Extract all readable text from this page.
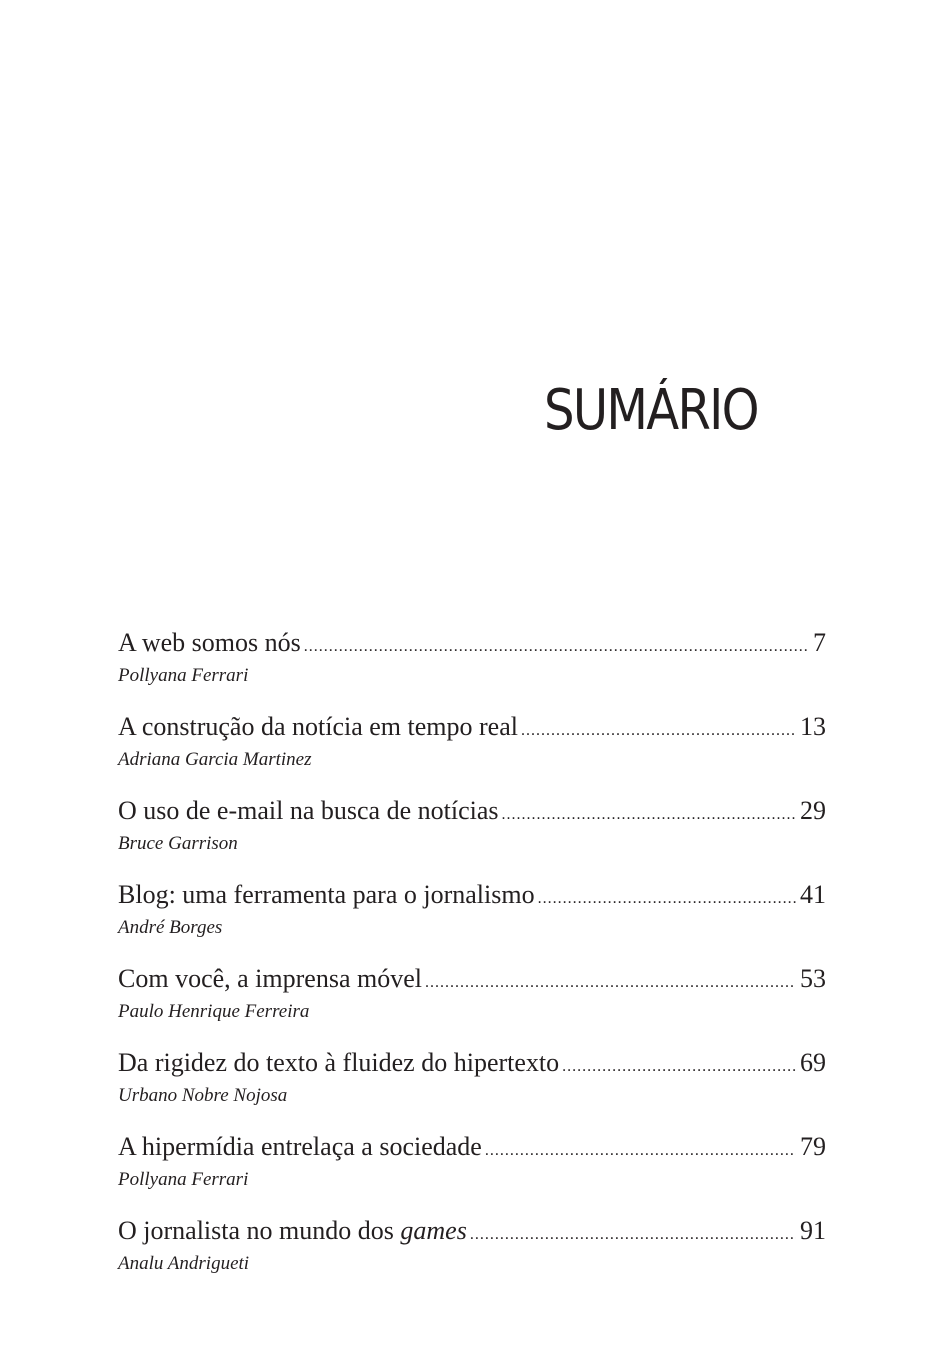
SUMÁRIO
A web somos nós .....	7
Pollyana Ferrari
A construção da notícia em tempo real .....	13
Adriana Garcia Martinez
O uso de e-mail na busca de notícias .....	29
Bruce Garrison
Blog: uma ferramenta para o jornalismo .....	41
André Borges
Com você, a imprensa móvel .....	53
Paulo Henrique Ferreira
Da rigidez do texto à fluidez do hipertexto .....	69
Urbano Nobre Nojosa
A hipermídia entrelaça a sociedade .....	79
Pollyana Ferrari
O jornalista no mundo dos games .....	91
Analu Andrigueti
